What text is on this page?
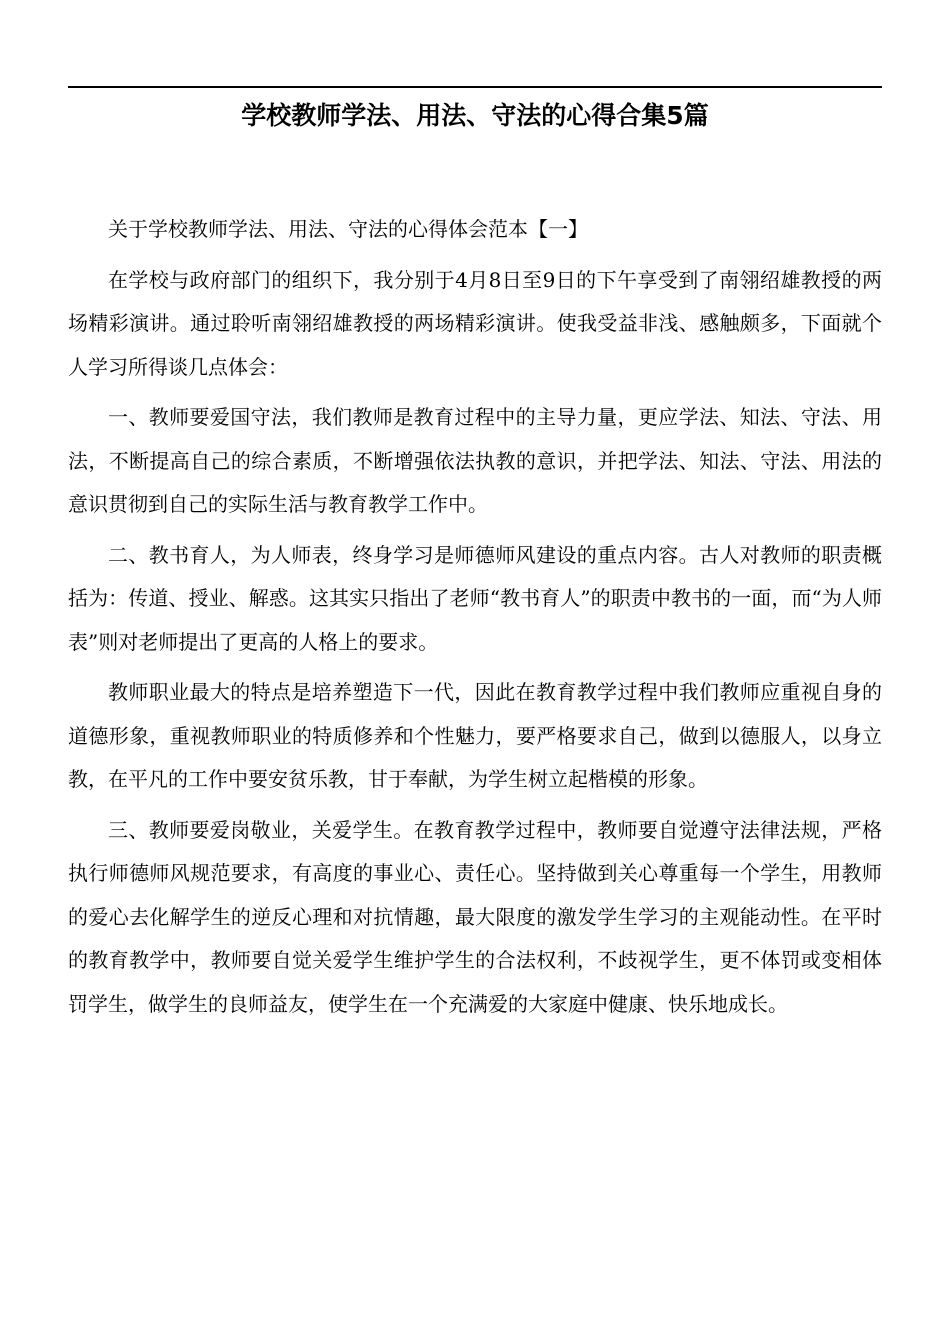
学校教师学法、用法、守法的心得合集5篇

关于学校教师学法、用法、守法的心得体会范本【一】

在学校与政府部门的组织下，我分别于4月8日至9日的下午享受到了南翎绍雄教授的两场精彩演讲。通过聆听南翎绍雄教授的两场精彩演讲。使我受益非浅、感触颇多，下面就个人学习所得谈几点体会：

一、教师要爱国守法，我们教师是教育过程中的主导力量，更应学法、知法、守法、用法，不断提高自己的综合素质，不断增强依法执教的意识，并把学法、知法、守法、用法的意识贯彻到自己的实际生活与教育教学工作中。

二、教书育人，为人师表，终身学习是师德师风建设的重点内容。古人对教师的职责概括为：传道、授业、解惑。这其实只指出了老师“教书育人”的职责中教书的一面，而“为人师表”则对老师提出了更高的人格上的要求。

教师职业最大的特点是培养塑造下一代，因此在教育教学过程中我们教师应重视自身的道德形象，重视教师职业的特质修养和个性魅力，要严格要求自己，做到以德服人，以身立教，在平凡的工作中要安贫乐教，甘于奉献，为学生树立起楷模的形象。

三、教师要爱岗敬业，关爱学生。在教育教学过程中，教师要自觉遵守法律法规，严格执行师德师风规范要求，有高度的事业心、责任心。坚持做到关心尊重每一个学生，用教师的爱心去化解学生的逆反心理和对抗情趣，最大限度的激发学生学习的主观能动性。在平时的教育教学中，教师要自觉关爱学生维护学生的合法权利，不歧视学生，更不体罚或变相体罚学生，做学生的良师益友，使学生在一个充满爱的大家庭中健康、快乐地成长。
